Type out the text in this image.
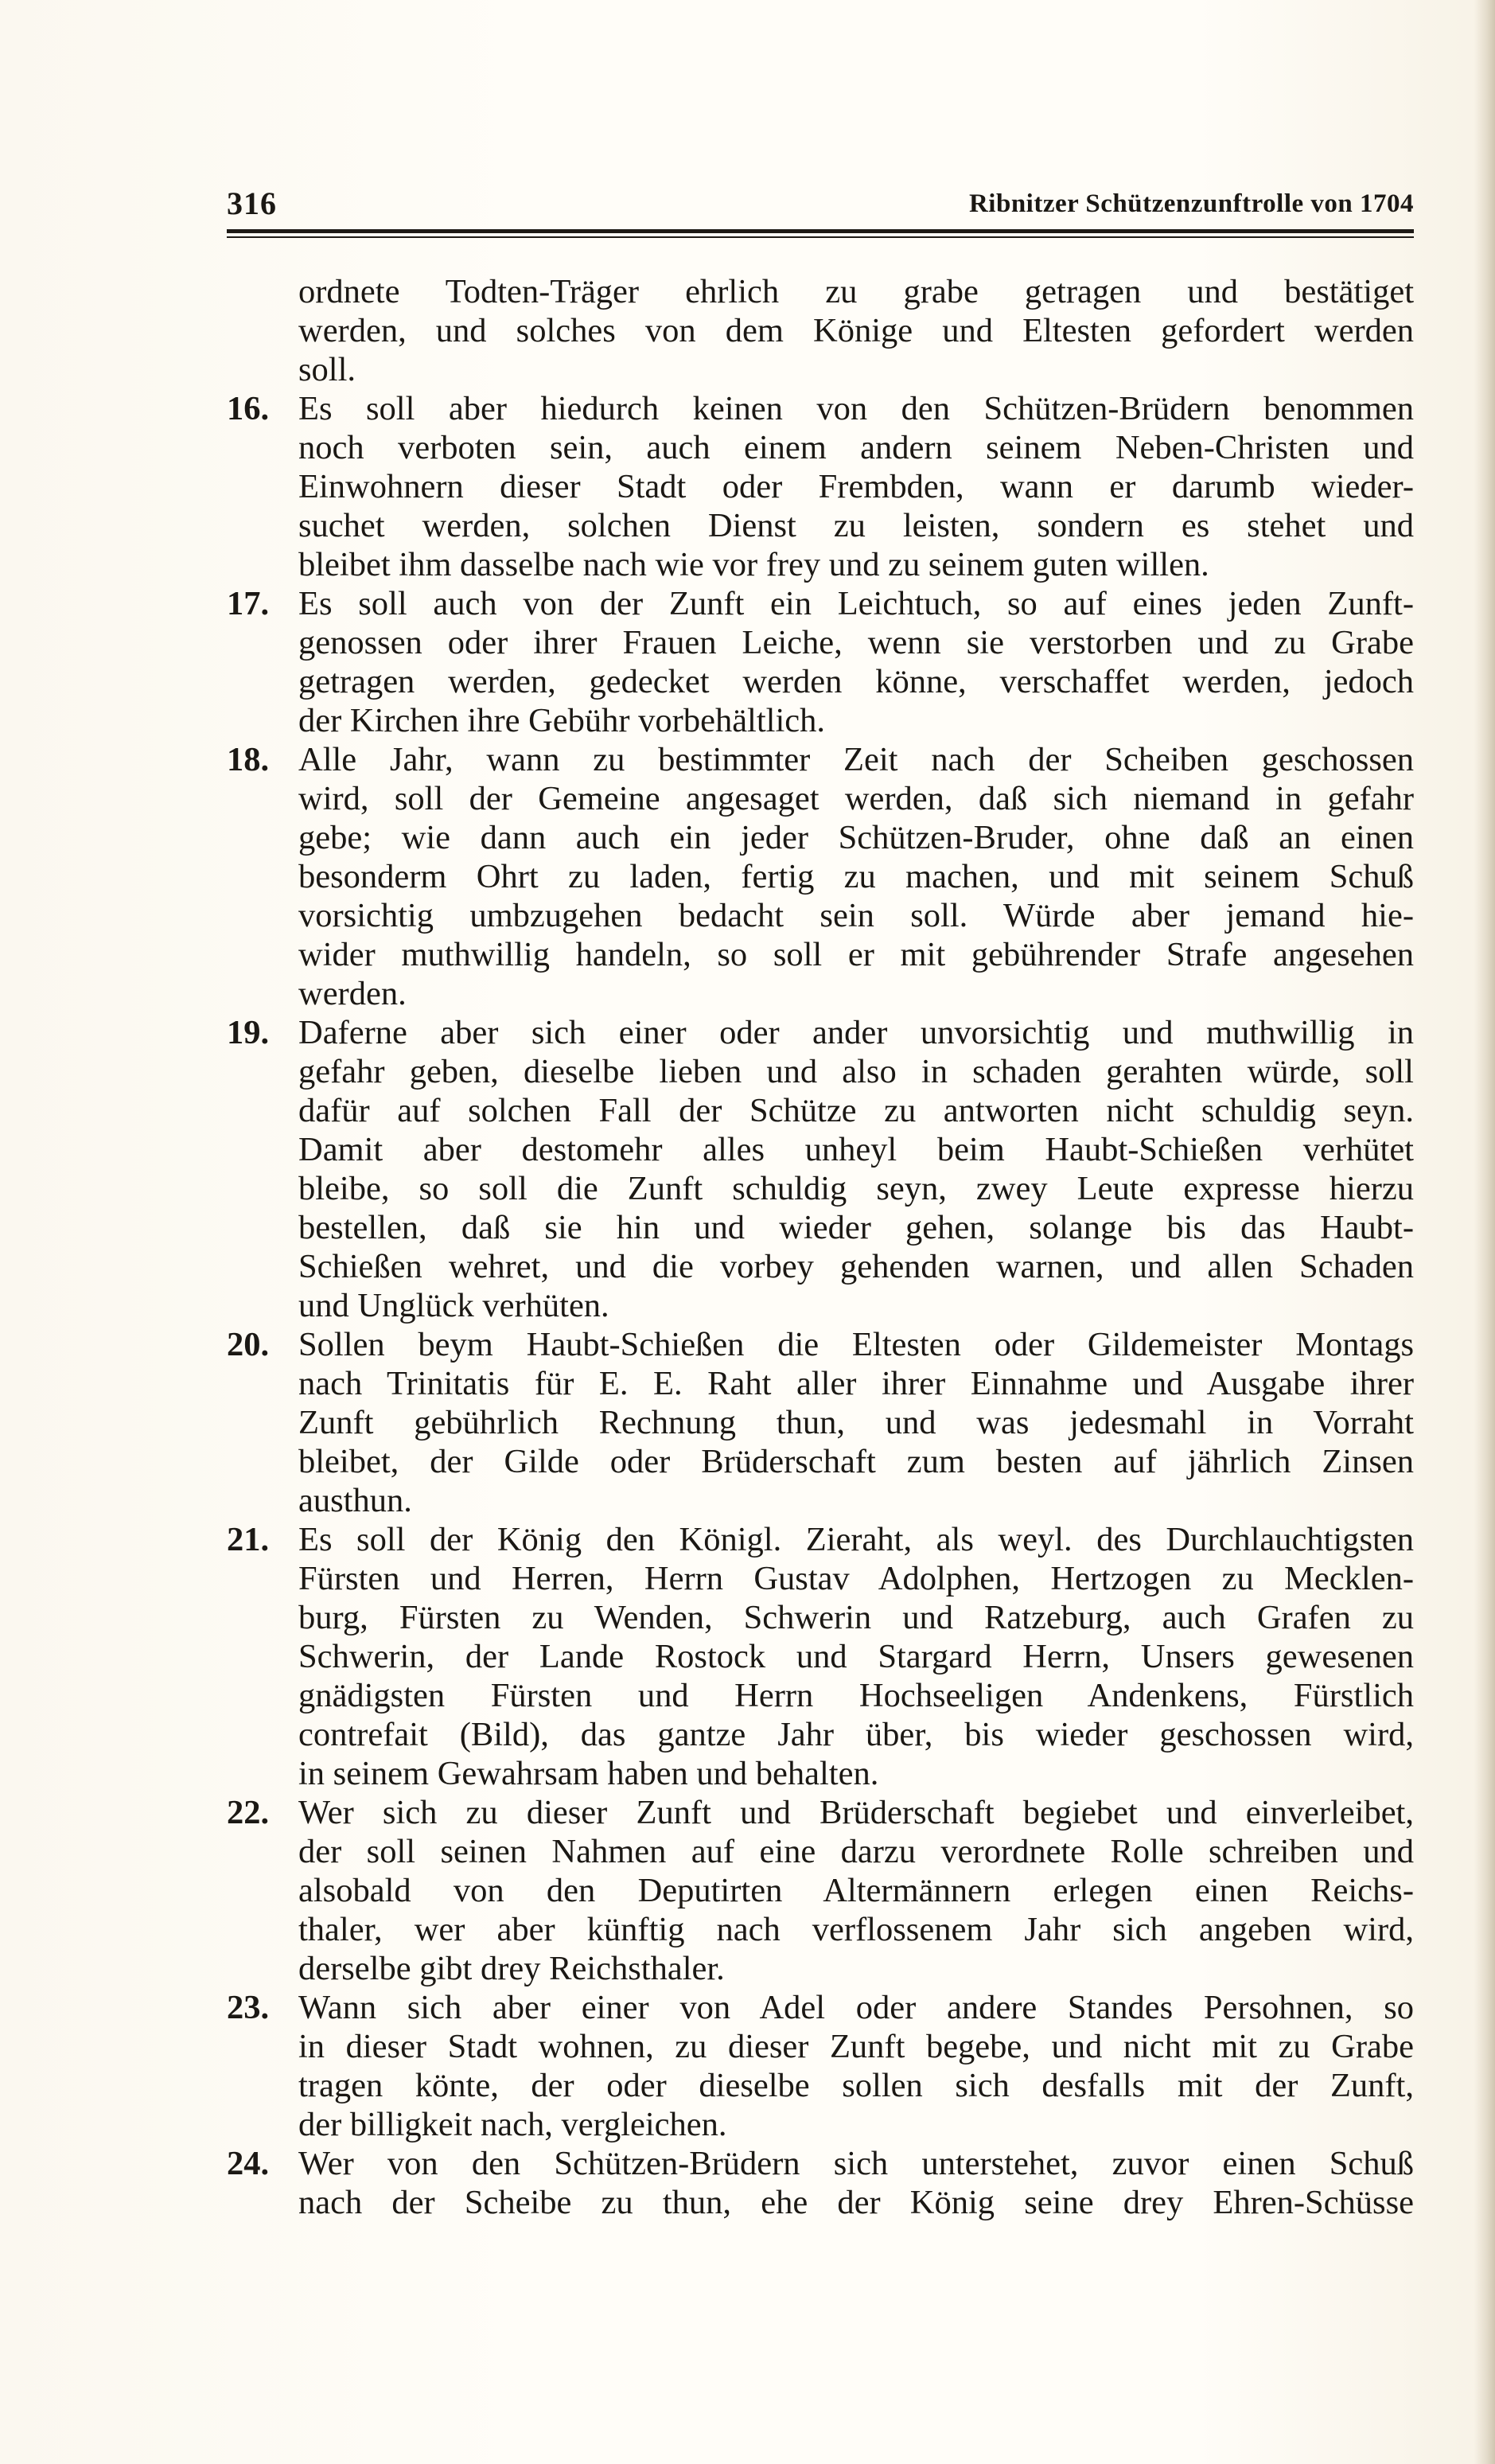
316	Ribnitzer Schützenzunftrolle von 1704
ordnete Todten-Träger ehrlich zu grabe getragen und bestätiget
werden, und solches von dem Könige und Eltesten gefordert werden
soll.
16. Es soll aber hiedurch keinen von den Schützen-Brüdern benommen
noch verboten sein, auch einem andern seinem Neben-Christen und
Einwohnern dieser Stadt oder Frembden, wann er darumb wieder-
suchet werden, solchen Dienst zu leisten, sondern es stehet und
bleibet ihm dasselbe nach wie vor frey und zu seinem guten willen.
17. Es soll auch von der Zunft ein Leichtuch, so auf eines jeden Zunft-
genossen oder ihrer Frauen Leiche, wenn sie verstorben und zu Grabe
getragen werden, gedecket werden könne, verschaffet werden, jedoch
der Kirchen ihre Gebühr vorbehältlich.
18. Alle Jahr, wann zu bestimmter Zeit nach der Scheiben geschossen
wird, soll der Gemeine angesaget werden, daß sich niemand in gefahr
gebe; wie dann auch ein jeder Schützen-Bruder, ohne daß an einen
besonderm Ohrt zu laden, fertig zu machen, und mit seinem Schuß
vorsichtig umbzugehen bedacht sein soll. Würde aber jemand hie-
wider muthwillig handeln, so soll er mit gebührender Strafe angesehen
werden.
19. Daferne aber sich einer oder ander unvorsichtig und muthwillig in
gefahr geben, dieselbe lieben und also in schaden gerahten würde, soll
dafür auf solchen Fall der Schütze zu antworten nicht schuldig seyn.
Damit aber destomehr alles unheyl beim Haubt-Schießen verhütet
bleibe, so soll die Zunft schuldig seyn, zwey Leute expresse hierzu
bestellen, daß sie hin und wieder gehen, solange bis das Haubt-
Schießen wehret, und die vorbey gehenden warnen, und allen Schaden
und Unglück verhüten.
20. Sollen beym Haubt-Schießen die Eltesten oder Gildemeister Montags
nach Trinitatis für E. E. Raht aller ihrer Einnahme und Ausgabe ihrer
Zunft gebührlich Rechnung thun, und was jedesmahl in Vorraht
bleibet, der Gilde oder Brüderschaft zum besten auf jährlich Zinsen
austhun.
21. Es soll der König den Königl. Zieraht, als weyl. des Durchlauchtigsten
Fürsten und Herren, Herrn Gustav Adolphen, Hertzogen zu Mecklen-
burg, Fürsten zu Wenden, Schwerin und Ratzeburg, auch Grafen zu
Schwerin, der Lande Rostock und Stargard Herrn, Unsers gewesenen
gnädigsten Fürsten und Herrn Hochseeligen Andenkens, Fürstlich
contrefait (Bild), das gantze Jahr über, bis wieder geschossen wird,
in seinem Gewahrsam haben und behalten.
22. Wer sich zu dieser Zunft und Brüderschaft begiebet und einverleibet,
der soll seinen Nahmen auf eine darzu verordnete Rolle schreiben und
alsobald von den Deputirten Altermännern erlegen einen Reichs-
thaler, wer aber künftig nach verflossenem Jahr sich angeben wird,
derselbe gibt drey Reichsthaler.
23. Wann sich aber einer von Adel oder andere Standes Persohnen, so
in dieser Stadt wohnen, zu dieser Zunft begebe, und nicht mit zu Grabe
tragen könte, der oder dieselbe sollen sich desfalls mit der Zunft,
der billigkeit nach, vergleichen.
24. Wer von den Schützen-Brüdern sich unterstehet, zuvor einen Schuß
nach der Scheibe zu thun, ehe der König seine drey Ehren-Schüsse
